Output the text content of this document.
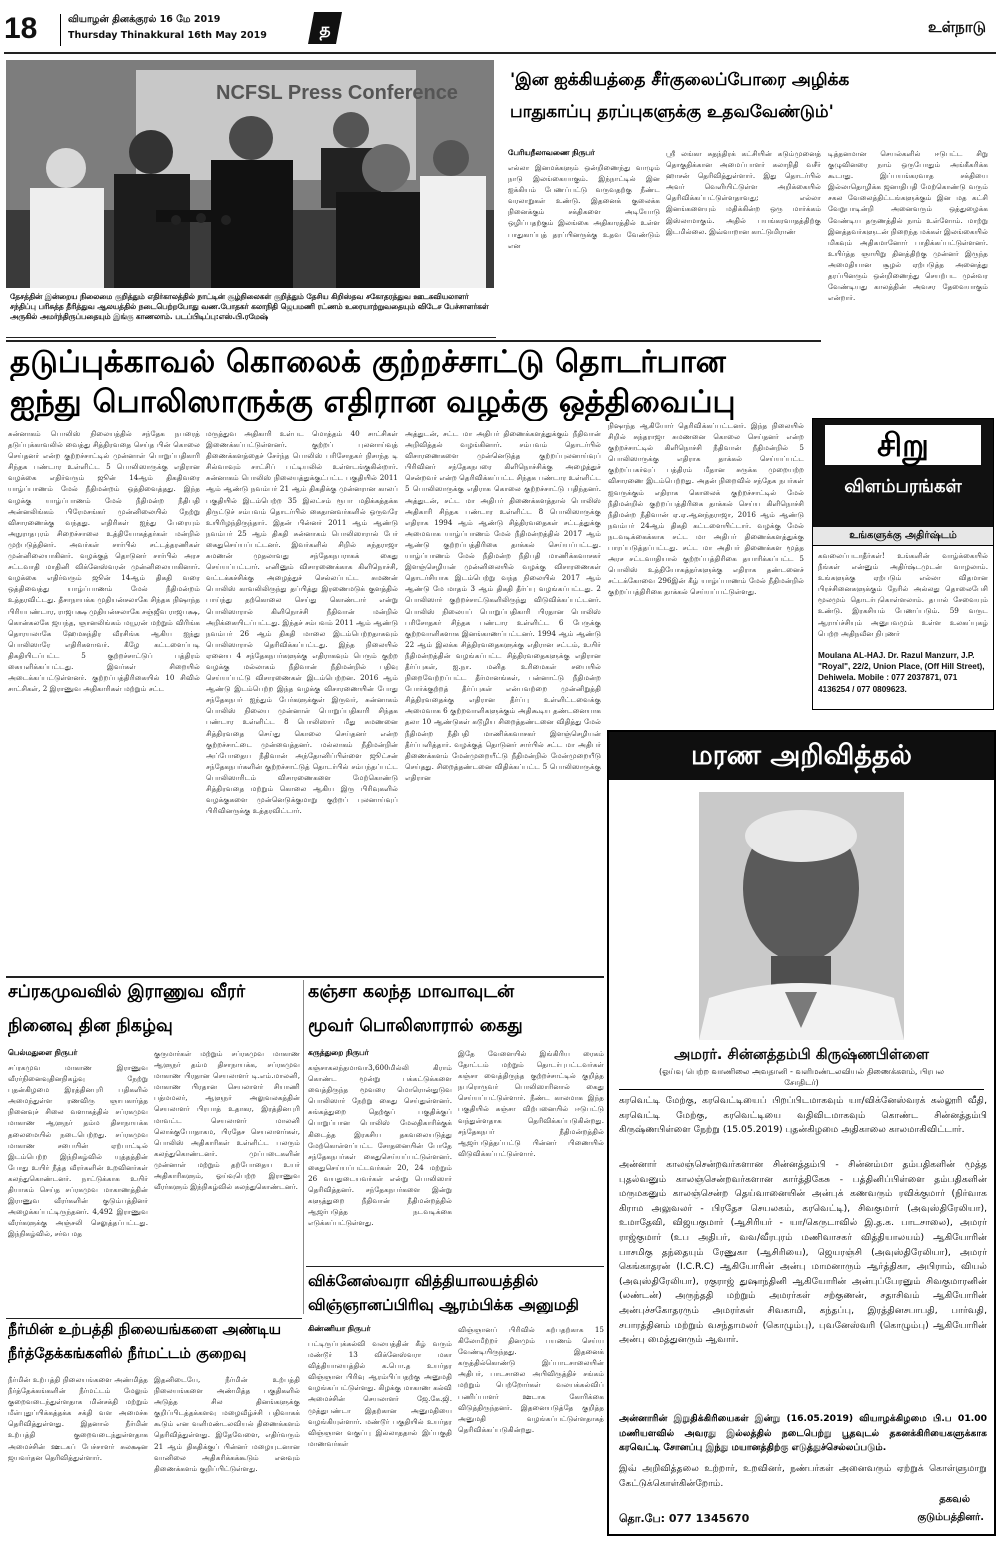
18	வியாழன் தினக்குரல் 16 மே 2019
Thursday Thinakkural 16th May 2019	த	உள்நாடு
NCFSL Press Conference
தேசத்தின் இன்றைய நிலைமை குறித்தும் எதிர்காலத்தில் நாட்டின் சூழ்நிலைகள் குறித்தும் தேசிய கிறிஸ்தவ சகோதரத்துவ ஊடகவியலாளர் சந்திப்பு பரிசுத்த தீரித்துவ ஆலயத்தில் நடைபெற்றபோது வண.போதகர் கலாநிதி ஜெபமணி ரட்ணம் உரையாற்றுவதையும் விடேச பேச்சாளர்கள் அருகில் அமர்ந்திருப்பதையும் இங்கு காணலாம். படப்பிடிப்பு:எஸ்.பி.ரமேஷ்
'இன ஐக்கியத்தை சீர்குலைப்போரை அழிக்க
பாதுகாப்பு தரப்புகளுக்கு உதவவேண்டும்'
பேரியநீலாவணை நிருபர்
எல்லா இனமக்களும் ஒன்றிணைந்து வாழும் நாடு இலங்கையாகும். இந்நாட்டில் இன ஐக்கியம் பேணப்பட்டு வருவதற்கு நீண்ட வரலாறுகள் உண்டு. இதனைக் குலைக்க நினைக்கும் சக்திகளை அடியோடு ஒழிப்பதற்கும் இலங்கை அதிகாரத்தில் உள்ள பாதுகாப்புத் தரப்பினருக்கு உதவ வேண்டும் என
ஸ்ரீ லங்கா சுதந்திரக் கட்சியின் கடும்முனைத் தொகுதிக்கான அமைப்பாளர் கலாநிதி வசீர் ஹாசன் தெரிவித்துள்ளார். இது தொடர்பில் அவர் வெளியிட்டுள்ள அறிக்கையில் தெரிவிக்கப்பட்டுள்ளதாவது; எல்லா இனங்களையும் மதிக்கின்ற ஒரு மார்க்கம் இஸ்லாமாகும். அதில் பயங்கரவாதத்திற்கு இடமில்லை. இவ்வாறான காட்டுமிராண்
டித்தனமான செயல்களில் ஈடுபட்ட சிறு குழுவினரை நாம் ஒருபோதும் அங்கீகரிக்க கூடாது. இப்பயங்கரவாத சக்தியை இல்லாதொழிக்க ஜனாதிபதி மேற்கொண்டு வரும் சகல வேலைத்திட்டங்களுக்கும் இன மத கட்சி வேறுபாடின்றி அனைவரும் ஒத்துழைக்க வேண்டிய தருணத்தில் நாம் உள்ளோம். மாற்று இனத்தவர்களுடன் நிறைந்த மக்கள் இலங்கையில் மிகவும் அதிகமானோர் பாதிக்கப்பட்டுள்ளனர். உயிர்த்த ஞாயிறு தினத்திற்கு முன்னர் இருந்த அமைதியான சூழல் ஏற்படுத்த அனைத்து தரப்பினரும் ஒன்றிணைந்து செயற்பட முன்வர வேண்டியது காலத்தின் அவசர தேவையாகும் என்றார்.
தடுப்புக்காவல் கொலைக் குற்றச்சாட்டு தொடர்பான
ஐந்து பொலிஸாருக்கு எதிரான வழக்கு ஒத்திவைப்பு
சுன்னாகம் பொலிஸ் நிலையத்தில் சந்தேக நபரைத் தடுப்புக்காவலில் வைத்து சித்திரவதை செய்த பின் கொலை செய்தனர் என்ற குற்றச்சாட்டில் முன்னாள் பொறுப்பதிகாரி சிந்தக பண்டார உள்ளிட்ட 5 பொலிஸாருக்கு எதிரான வழக்கை எதிர்வரும் ஜூன் 14ஆம் திகதிவரை யாழ்ப்பாணம் மேல் நீதிமன்றம் ஒத்திவைத்தது. இந்த வழக்கு யாழ்ப்பாணம் மேல் நீதிமன்ற நீதிபதி அன்னலிங்கம் பிரேமசங்கர் முன்னிலையில் நேற்று விசாரணைக்கு வந்தது. எதிரிகள் ஐந்து பேரையும் அநுராதபுரம் சிறைச்சாலை உத்தியோகத்தர்கள் மன்றில் முற்படுத்தினர். அவர்கள் சார்பில் சட்டத்தரணிகள் முன்னிலையாகினர். வழக்குத் தொடுனர் சார்பில் அரச சட்டவாதி மாதினி விக்னேஸ்வரன் முன்னிலையாகினார். வழக்கை எதிர்வரும் ஜூன் 14ஆம் திகதி வரை ஒத்திவைத்து யாழ்ப்பாணம் மேல் நீதிமன்றம் உத்தரவிட்டது. தீசாநாயக்க முதியன்சலாகே சிந்தக நிஷாந்த பிரியபண்டார, ராஜபக்ஷ முதியன்சலாகே சஞ்ஜீவ ராஜபக்ஷ, கொன்கலகே ஜயந்த, ஞானலிங்கம் மயூரன் மற்றும் விரிங்க தொரயலாகே ஹேமசுந்திர வீரசிங்க ஆகிய ஐந்து பொலிஸாரே எதிரிகளாவர். கீழே கட்டளைப்படி திகதியிடப்பட்ட 5 குற்றச்சாட்டுப் பத்திரம் கையளிக்கப்பட்டது. இவர்கள் சிறையில் அடைக்கப்பட்டுள்ளனர். குற்றப்பத்திரிகையில் 10 சிவில் சாட்சிகள், 2 இராணுவ அதிகாரிகள் மற்றும் சட்ட
மருத்துவ அதிகாரி உள்பட மொத்தம் 40 சாட்சிகள் இணைக்கப்பட்டுள்ளனர். குற்றப் புலனாய்வுத் திணைக்களத்தைச் சேர்ந்த பொலிஸ் பரிசோதகர் நிசாந்த டி சில்வாவும் சாட்சிப் பட்டியலில் உள்ளடங்குகின்றார். சுன்னாகம் பொலிஸ் நிலையத்துக்குட்பட்ட பகுதியில் 2011 ஆம் ஆண்டு நவம்பர் 21 ஆம் திகதிக்கு முன்னரான காலப் பகுதியில் இடம்பெற்ற 35 இலட்சம் ரூபா மதிக்கத்தக்க திருட்டுச் சம்பவம் தொடர்பில் கைதானவர்களில் ஒருவரே உயிரிழந்திருந்தார். இதன் பின்னர் 2011 ஆம் ஆண்டு நவம்பர் 25 ஆம் திகதி சுன்னாகம் பொலிஸாரால் பேர் கைதுசெய்யப்பட்டனர். இவர்களில் சிறில் சுந்தராஜா சுமணன் முதலாவது சந்தேகநபராகக் கைது செய்யப்பட்டார். எனினும் விசாரணைக்காக கிளிநொச்சி, வட்டக்கச்சிக்கு அழைத்துச் செல்லப்பட்ட சுமணன் பொலிஸ் காவலிலிருந்து தப்பித்து இரணைமடுக் குளத்தில் பாய்ந்து தற்கொலை செய்து கொண்டார் என்று பொலிஸாரால் கிளிநொச்சி நீதிவான் மன்றில் அறிக்கையிடப்பட்டது. இந்தச் சம்பவம் 2011 ஆம் ஆண்டு நவம்பர் 26 ஆம் திகதி மாலை இடம்பெற்றதாகவும் பொலிஸாரால் தெரிவிக்கப்பட்டது. இந்த நிலையில் ஏனைய 4 சந்தேகநபர்களுக்கு எதிராகவும் பெரும் குற்ற வழக்கு மல்லாகம் நீதிவான் நீதிமன்றில் பதிவு செய்யப்பட்டு விசாரணைகள் இடம்பெற்றன. 2016 ஆம் ஆண்டு இடம்பெற்ற இந்த வழக்கு விசாரணையின் போது சந்தேகநபர் ஐந்தும் பேர்களுக்குள் இருவர், சுன்னாகம் பொலிஸ் நிலைய முன்னாள் பொறுப்பதிகாரி சிந்தக பண்டார உள்ளிட்ட 8 பொலிஸார் மீது சுமணனை சித்திரவதை செய்து கொலை செய்தனர் என்ற குற்றச்சாட்டை முன்வைத்தனர். மல்லாகம் நீதிமன்றின் அப்போதைய நீதிவான் அந்தோனிப்பிள்ளை ஜூட்சன் சந்தேகநபர்களின் குற்றச்சாட்டுத் தொடர்பில் சம்பந்தப்பட்ட பொலிஸாரிடம் விசாரணைகளை மேற்கொண்டு சித்திரவதை மற்றும் கொலை ஆகிய இரு பிரிவுகளில் வழக்குகளை முன்னெடுக்குமாறு குற்றப் புலனாய்வுப் பிரிவினருக்கு உத்தரவிட்டார்.
அத்துடன், சட்ட மா அதிபர் திணைக்களத்துக்கும் நீதிவான் அறிவித்தல் வழங்கினார். சம்பவம் தொடர்பில் விசாரணைகளை முன்னெடுத்த குற்றப்புலனாய்வுப் பிரிவினர் சந்தேகநபரை கிளிநொச்சிக்கு அழைத்துச் சென்றவர் என்ற தெரிவிக்கப்பட்ட சிந்தக பண்டார உள்ளிட்ட 5 பொலிஸாருக்கு எதிராக கொலை குற்றச்சாட்டு பதிந்தனர். அத்துடன், சட்ட மா அதிபர் திணைக்களத்தால் பொலிஸ் அதிகாரி சிந்தக பண்டார உள்ளிட்ட 8 பொலிஸாருக்கு எதிராக 1994 ஆம் ஆண்டு சித்திரவதைகள் சட்டத்துக்கு அமைவாக யாழ்ப்பாணம் மேல் நீதிமன்றத்தில் 2017 ஆம் ஆண்டு குற்றப்பத்திரிகை தாக்கல் செய்யப்பட்டது. யாழ்ப்பாணம் மேல் நீதிமன்ற நீதிபதி மாணிக்கவாசகர் இளஞ்செழியன் முன்னிலையில் வழக்கு விசாரணைகள் தொடர்சியாக இடம்பெற்று வந்த நிலையில் 2017 ஆம் ஆண்டு மே மாதம் 3 ஆம் திகதி தீர்ப்பு வழங்கப்பட்டது. 2 பொலிஸார் குற்றச்சாட்டுகளிலிருந்து விடுவிக்கப்பட்டனர். பொலிஸ் நிலையப் பொறுப்பதிகாரி பிரதான பொலிஸ் பரிசோதகர் சிந்தக பண்டார உள்ளிட்ட 6 பேருக்கு குற்றவாளிகளாக இனங்காணப்பட்டனர். 1994 ஆம் ஆண்டு 22 ஆம் இலக்க சித்திரவதைகளுக்கு எதிரான சட்டம், உயிர் நீதிமன்றத்தின் வழங்கப்பட்ட சித்திரவதைகளுக்கு எதிரான தீர்ப்புகள், ஐ.நா. மனித உரிமைகள் சபையில் நிறைவேற்றப்பட்ட தீர்மானங்கள், பன்னாட்டு நீதிமன்ற போர்க்குற்றத் தீர்ப்புகள் என்பவற்றை முன்னிறுத்தி சித்திரவதைக்கு எதிரான தீர்ப்பு உள்ளிட்டவைக்கு அமைவாக 6 குற்றவாளிகளுக்கும் அதிகூடிய தண்டனையாக தலா 10 ஆண்டுகள் கடூழிய சிறைத்தண்டனை விதித்து மேல் நீதிமன்ற நீதிபதி மாணிக்கவாசகர் இளஞ்செழியன் தீர்ப்பளித்தார். வழக்குத் தொடுனர் சார்பில் சட்ட மா அதிபர் திணைக்களம் மேன்முறையீட்டு நீதிமன்றில் மேன்முறையீடு செய்தது. சிறைத்தண்டனை விதிக்கப்பட்ட 5 பொலிஸாருக்கு எதிரான
நிஷாந்த ஆகியோர் தெரிவிக்கப்பட்டனர். இந்த நிலையில் சிறில் சுந்தராஜா சுமணனை கொலை செய்தனர் என்ற குற்றச்சாட்டில் கிளிநொச்சி நீதிவான் நீதிமன்றில் 5 பொலிஸாருக்கு எதிராக தாக்கல் செய்யப்பட்ட குற்றப்பகர்வுப் பத்திரம் மீதான சுருக்க முறையற்ற விசாரணை இடம்பெற்றது. அதன் நிறைவில் சந்தேக நபர்கள் ஐவருக்கும் எதிராக கொலைக் குற்றச்சாட்டில் மேல் நீதிமன்றில் குற்றப்பத்திரிகை தாக்கல் செய்ய கிளிநொச்சி நீதிமன்ற நீதிவான் ஏ.ஏ.ஆனந்தராஜா, 2016 ஆம் ஆண்டு நவம்பர் 24ஆம் திகதி கட்டளையிட்டார். வழக்கு மேல் நடவடிக்கைக்காக சட்ட மா அதிபர் திணைக்களத்துக்கு பாரப்படுத்தப்பட்டது. சட்ட மா அதிபர் திணைக்கள மூத்த அரச சட்டவாதியால் குற்றப்பத்திரிகை தயாரிக்கப்பட்ட 5 பொலிஸ் உத்தியோகத்தர்களுக்கு எதிராக தண்டனைச் சட்டக்கோவை 296இன் கீழ் யாழ்ப்பாணம் மேல் நீதிமன்றில் குற்றப்பத்திரிகை தாக்கல் செய்யப்பட்டுள்ளது.
சிறு
விளம்பரங்கள்
உங்களுக்கு அதிர்ஷ்டம்
கவலைப்படாதீர்கள்! உங்களின் வாழ்க்கையில் நீங்கள் என்னும் அதிர்ஷ்டமுடன் வாழலாம். உங்களுக்கு ஏற்படும் எல்லா விதமான பிரச்சினைகளுக்கும் நேரில் அல்லது தொலைபேசி மூலமும் தொடர்புகொள்ளலாம். தபால் சேவையும் உண்டு. இரகசியம் பேணப்படும். 59 வருட ஆராய்ச்சியும் அனுபவமும் உள்ள உலகப்புகழ் பெற்ற அதிநவீன நிபுணர்
Moulana AL-HAJ. Dr. Razul Manzurr, J.P. "Royal", 22/2, Union Place, (Off Hill Street), Dehiwela. Mobile : 077 2037871, 071 4136254 / 077 0809623.
மரண அறிவித்தல்
அமரர். சின்னத்தம்பி கிருஷ்ணபிள்ளை
(ஓய்வு பெற்ற வாணிலை அவதானி - வளிமண்டலவியல் திணைக்களம், பிரபல சோதிடர்)
கரவெட்டி மேற்கு, கரவெட்டியைப் பிறப்பிடமாகவும் யா/விக்னேஸ்வரக் கல்லூரி வீதி, கரவெட்டி மேற்கு, கரவெட்டியை வதிவிடமாகவும் கொண்ட சின்னத்தம்பி கிருஷ்ணபிள்ளை நேற்று (15.05.2019) புதன்கிழமை அதிகாலை காலமாகிவிட்டார்.
அன்னார் காலஞ்சென்றவர்களான சின்னத்தம்பி - சின்னம்மா தம்பதிகளின் மூத்த புதல்வனும் காலஞ்சென்றவர்களான கார்த்திகேசு - பத்தினிப்பிள்ளை தம்பதிகளின் மருமகனும் காலஞ்சென்ற தெய்வானையின் அன்புக் கணவரும் ரவிக்குமார் (நிர்வாக கிராம அலுவலர் - பிரதேச செயலகம், கரவெட்டி), சிவகுமார் (அவுஸ்திரேலியா), உமாதேவி, விஜயகுமார் (ஆசிரியர் - யா/கெருடாவில் இ.த.க. பாடசாலை), அமரர் ராஜ்குமார் (உப அதிபர், வவ/வீரபுரம் மணிவாசகர் வித்தியாலயம்) ஆகியோரின் பாசமிகு தந்தையும் ரேணுகா (ஆசிரியை), ஜெயரஞ்சி (அவுஸ்திரேலியா), அமரர் கெங்காதரன் (I.C.R.C) ஆகியோரின் அன்பு மாமனாரும் ஆர்த்திகா, அபிராம், வியல் (அவுஸ்திரேலியா), ரகுராஜ் துஷாந்தினி ஆகியோரின் அன்புப்பேரனும் சிவகுமாரனின் (லண்டன்) அருந்ததி மற்றும் அமரர்கள் சற்குணன், சதாசிவம் ஆகியோரின் அன்புச்சகோதரரும் அமரர்கள் சிவகாமி, கந்தப்பு, இரத்தினசபாபதி, பார்வதி, சபாரத்தினம் மற்றும் வசந்தாமலர் (கொழும்பு), புவனேஸ்வரி (கொழும்பு) ஆகியோரின் அன்பு மைத்துனரும் ஆவார்.
அன்னாரின் இறுதிக்கிரியைகள் இன்று (16.05.2019) வியாழக்கிழமை பி.ப 01.00 மணியளவில் அவரது இல்லத்தில் நடைபெற்று பூதவுடல் தகனக்கிரியைகளுக்காக கரவெட்டி சோனப்பு இந்து மயானத்திற்கு எடுத்துச்செல்லப்படும்.
இவ் அறிவித்தலை உற்றார், உறவினர், நண்பர்கள் அனைவரும் ஏற்றுக் கொள்ளுமாறு கேட்டுக்கொள்கின்றோம்.
தகவல்
குடும்பத்தினர்.
தொ.பே: 077 1345670
சப்ரகமுவவில் இராணுவ வீரர்
நினைவு தின நிகழ்வு
பெல்மதுளை நிருபர்
சப்ரகமுவ மாகாண இராணுவ வீரர்நினைவுதினநிகழ்வு நேற்று புதன்கிழமை இரத்தினபுரி பதிகளில் அமைந்துள்ள ரணவிரு ஞாபகார்த்த நினைவுச் சிலை வளாகத்தில் சப்ரகமுவ மாகாண ஆளுநர் தம்ம திசாநாயக்க தலைமையில் நடைபெற்றது. சப்ரகமுவ மாகாண சபையின் ஏற்பாட்டில் இடம்பெற்ற இந்நிகழ்வில் யுத்தத்தின் போது உயிர் நீத்த வீரர்களின் உறவினர்கள் கலந்துகொண்டனர். நாட்டுக்காக உயிர் தியாகம் செய்த சப்ரகமுவ மாகாணத்தின் இராணுவ வீரர்களின் குடும்பத்தினர் அழைக்கப்பட்டிருந்தனர். 4,492 இராணுவ வீரர்களுக்கு அஞ்சலி செலுத்தப்பட்டது. இந்நிகழ்வில், சர்வ மத
குருமார்கள் மற்றும் சப்ரகமுவ மாகாண ஆளுநர் தம்ம திசாநாயக்க, சப்ரகமுவ மாகாண பிரதான செயலாளர் டி.எம்.மாலனி, மாகாண பிரதான செயலாளர் சியாணி பத்மமலர், ஆளுநர் அலுவலகத்தின் செயலாளர் பிரபாத் உதாகர, இரத்தினபுரி மாவட்ட செயலாளர் மாலனி லொக்குபோதாகம, பிரதேச செயலாளர்கள், பொலிஸ் அதிகாரிகள் உள்ளிட்ட பலரும் கலந்துகொண்டனர். முப்படைகளின் முன்னாள் மற்றும் தற்போதைய உயர் அதிகாரிகளும், ஓய்வுபெற்ற இராணுவ வீரர்களும் இந்நிகழ்வில் கலந்துகொண்டனர்.
கஞ்சா கலந்த மாவாவுடன்
மூவர் பொலிஸாரால் கைது
கருத்துறை நிருபர்
கஞ்சாகலந்தமாவா3,600மில்லி கிராம் கொண்ட மூன்று பக்கட்டுக்களை வைத்திருந்த மூவரை மொரொன்துடுவ பொலிஸார் நேற்று கைது செய்துள்ளனர். சுங்கத்துறை தெற்குப் பகுதிக்குப் பொறுப்பான பொலிஸ் மேலதிகாரிக்குக் கிடைத்த இரகசிய தகவலையடுத்து மேற்கொள்ளப்பட்ட சோதனையின் போதே சந்தேகநபர்கள் கைதுசெய்யப்பட்டுள்ளனர். கைதுசெய்யப்பட்டவர்கள் 20, 24 மற்றும் 26 வயதுடையவர்கள் என்று பொலிஸார் தெரிவித்தனர். சந்தேகநபர்களை இன்று களுத்துறை நீதிவான் நீதிமன்றத்தில் ஆஜர்படுத்த நடவடிக்கை எடுக்கப்பட்டுள்ளது.
இதே வேளையில் இங்கிரிய ரைகம் தோட்டம் மற்றும் தொடர்புபட்டவர்கள் கஞ்சா வைத்திருந்த குற்றச்சாட்டில் குறித்த நபரொருவர் பொலிஸாரினால் கைது செய்யப்பட்டுள்ளார். நீண்ட காலமாக இந்த பகுதியில் கஞ்சா விற்பனையில் ஈடுபட்டு வந்துள்ளதாக தெரிவிக்கப்படுகின்றது. சந்தேகநபர் நீதிமன்றத்தில் ஆஜர்படுத்தப்பட்டு பின்னர் பிணையில் விடுவிக்கப்பட்டுள்ளார்.
விக்னேஸ்வரா வித்தியாலயத்தில்
விஞ்ஞானப்பிரிவு ஆரம்பிக்க அனுமதி
கிண்ணியா நிருபர்
பட்டிருப்புக்கல்வி வலயத்தின் கீழ் வரும் மண்டூர் 13 விக்னேஸ்வரா மகா வித்தியாலயத்தில் க.பொ.த உயர்தர விஞ்ஞான பிரிவு ஆரம்பிப்பதற்கு அனுமதி வழங்கப்பட்டுள்ளது. கிழக்கு மாகாண கல்வி அமைச்சின் செயலாளர் ஜே.கே.ஜி. முத்துபண்டா இதற்கான அனுமதியை வழங்கியுள்ளார். மண்டூர் பகுதியில் உயர்தர விஞ்ஞான வகுப்பு இல்லாததால் இப்பகுதி மாணவர்கள்
விஞ்ஞானப் பிரிவில் கற்பதற்காக 15 கிலோமீற்றர் தினமும் பயணம் செய்ய வேண்டியிருந்தது. இதனைக் கருத்தில்கொண்டு இப்பாடசாலையின் அதிபர், பாடசாலை அபிவிருத்திச் சங்கம் மற்றும் பெற்றோர்கள் வலயக்கல்விப் பணிப்பாளர் ஊடாக கோரிக்கை விடுத்திருந்தனர். இதனையடுத்தே குறித்த அனுமதி வழங்கப்பட்டுள்ளதாகத் தெரிவிக்கப்படுகின்றது.
நீர்மின் உற்பத்தி நிலையங்களை அண்டிய
நீர்த்தேக்கங்களில் நீர்மட்டம் குறைவு
நீர்மின் உற்பத்தி நிலையங்களை அண்மித்த நீர்த்தேக்கங்களின் நீர்மட்டம் மேலும் குறைவடைந்துள்ளதாக மின்சக்தி மற்றும் மீள்புதுப்பிக்கத்தக்க சக்தி வள அமைச்சு தெரிவித்துள்ளது. இதனால் நீர்மின் உற்பத்தி குறைவடைந்துள்ளதாக அமைச்சின் ஊடகப் பேச்சாளர் சுலக்ஷன ஜயவர்தன தெரிவித்துள்ளார்.
இதனிடையே, நீர்மின் உற்பத்தி நிலையங்களை அண்மித்த பகுதிகளில் அடுத்த சில தினங்களுக்கு குறிப்பிடத்தக்களவு மழைவீழ்ச்சி பதிவாகக் கூடும் என வளிமண்டலவியல் திணைக்களம் தெரிவித்துள்ளது. இதேவேளை, எதிர்வரும் 21 ஆம் திகதிக்குப் பின்னர் மழையுடனான வானிலை அதிகரிக்கக்கூடும் எனவும் திணைக்களம் குறிப்பிட்டுள்ளது.
